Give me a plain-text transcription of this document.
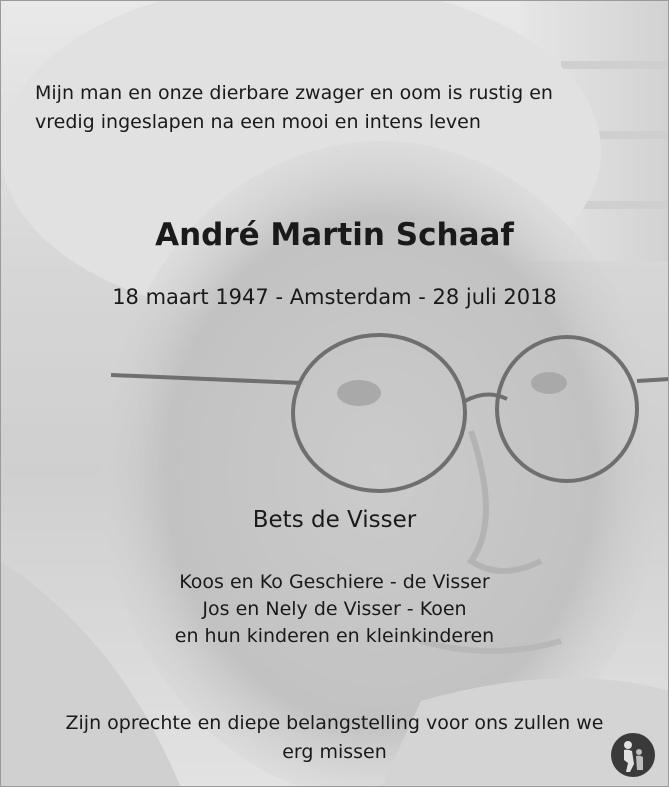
Mijn man en onze dierbare zwager en oom is rustig en
vredig ingeslapen na een mooi en intens leven
André Martin Schaaf
18 maart 1947 - Amsterdam - 28 juli 2018
Bets de Visser
Koos en Ko Geschiere - de Visser
Jos en Nely de Visser - Koen
en hun kinderen en kleinkinderen
Zijn oprechte en diepe belangstelling voor ons zullen we
erg missen
